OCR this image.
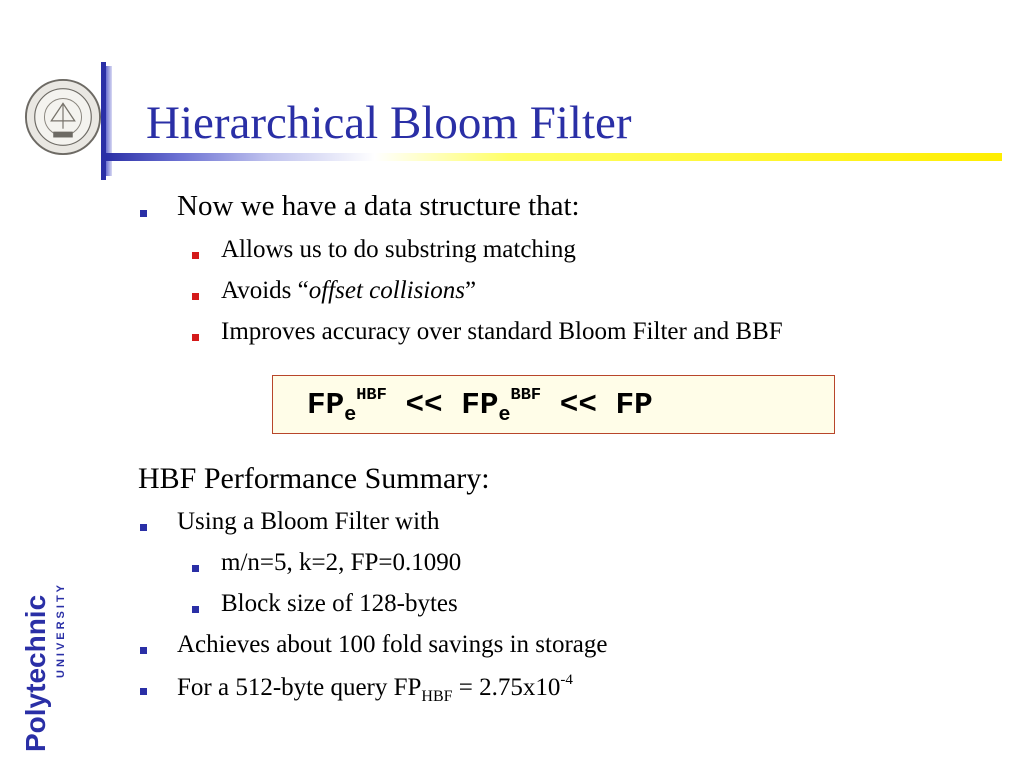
Hierarchical Bloom Filter
Now we have a data structure that:
Allows us to do substring matching
Avoids “offset collisions”
Improves accuracy over standard Bloom Filter and BBF
$FP_e^{HBF} << FP_e^{BBF}$ << FP
HBF Performance Summary:
Using a Bloom Filter with
m/n=5, k=2, FP=0.1090
Block size of 128-bytes
Achieves about 100 fold savings in storage
For a 512-byte query $FP_{HBF} = 2.75x10^{-4}$
Polytechnic UNIVERSITY
